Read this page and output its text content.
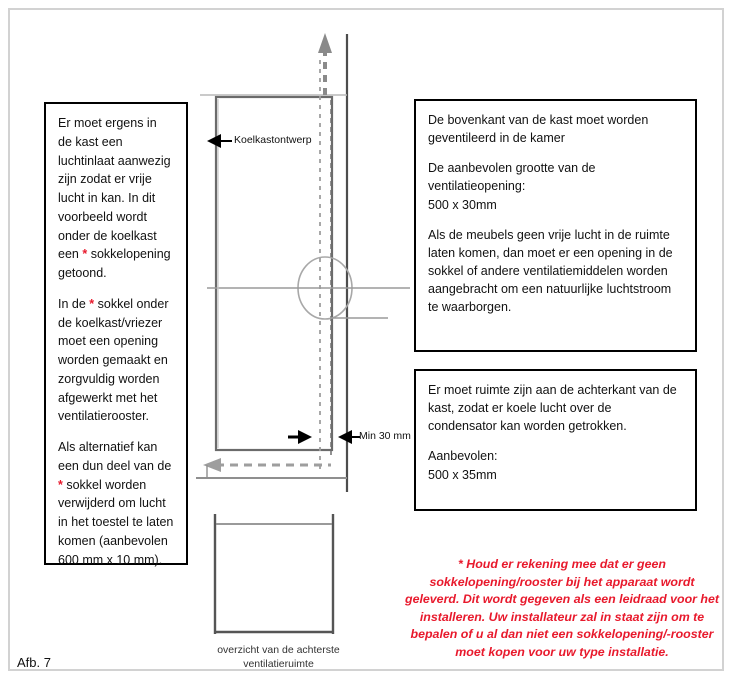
Koelkastontwerp
Min 30 mm

Er moet ergens in de kast een luchtinlaat aanwezig zijn zodat er vrije lucht in kan. In dit voorbeeld wordt onder de koelkast een * sokkelopening getoond.

In de * sokkel onder de koelkast/vriezer moet een opening worden gemaakt en zorgvuldig worden afgewerkt met het ventilatierooster.

Als alternatief kan een dun deel van de * sokkel worden verwijderd om lucht in het toestel te laten komen (aanbevolen 600 mm x 10 mm).

De bovenkant van de kast moet worden geventileerd in de kamer

De aanbevolen grootte van de ventilatieopening:
500 x 30mm

Als de meubels geen vrije lucht in de ruimte laten komen, dan moet er een opening in de sokkel of andere ventilatiemiddelen worden aangebracht om een natuurlijke luchtstroom te waarborgen.

Er moet ruimte zijn aan de achterkant van de kast, zodat er koele lucht over de condensator kan worden getrokken.

Aanbevolen:
500 x 35mm

* Houd er rekening mee dat er geen sokkelopening/rooster bij het apparaat wordt geleverd. Dit wordt gegeven als een leidraad voor het installeren. Uw installateur zal in staat zijn om te bepalen of u al dan niet een sokkelopening/-rooster moet kopen voor uw type installatie.
overzicht van de achterste ventilatieruimte
Afb. 7
